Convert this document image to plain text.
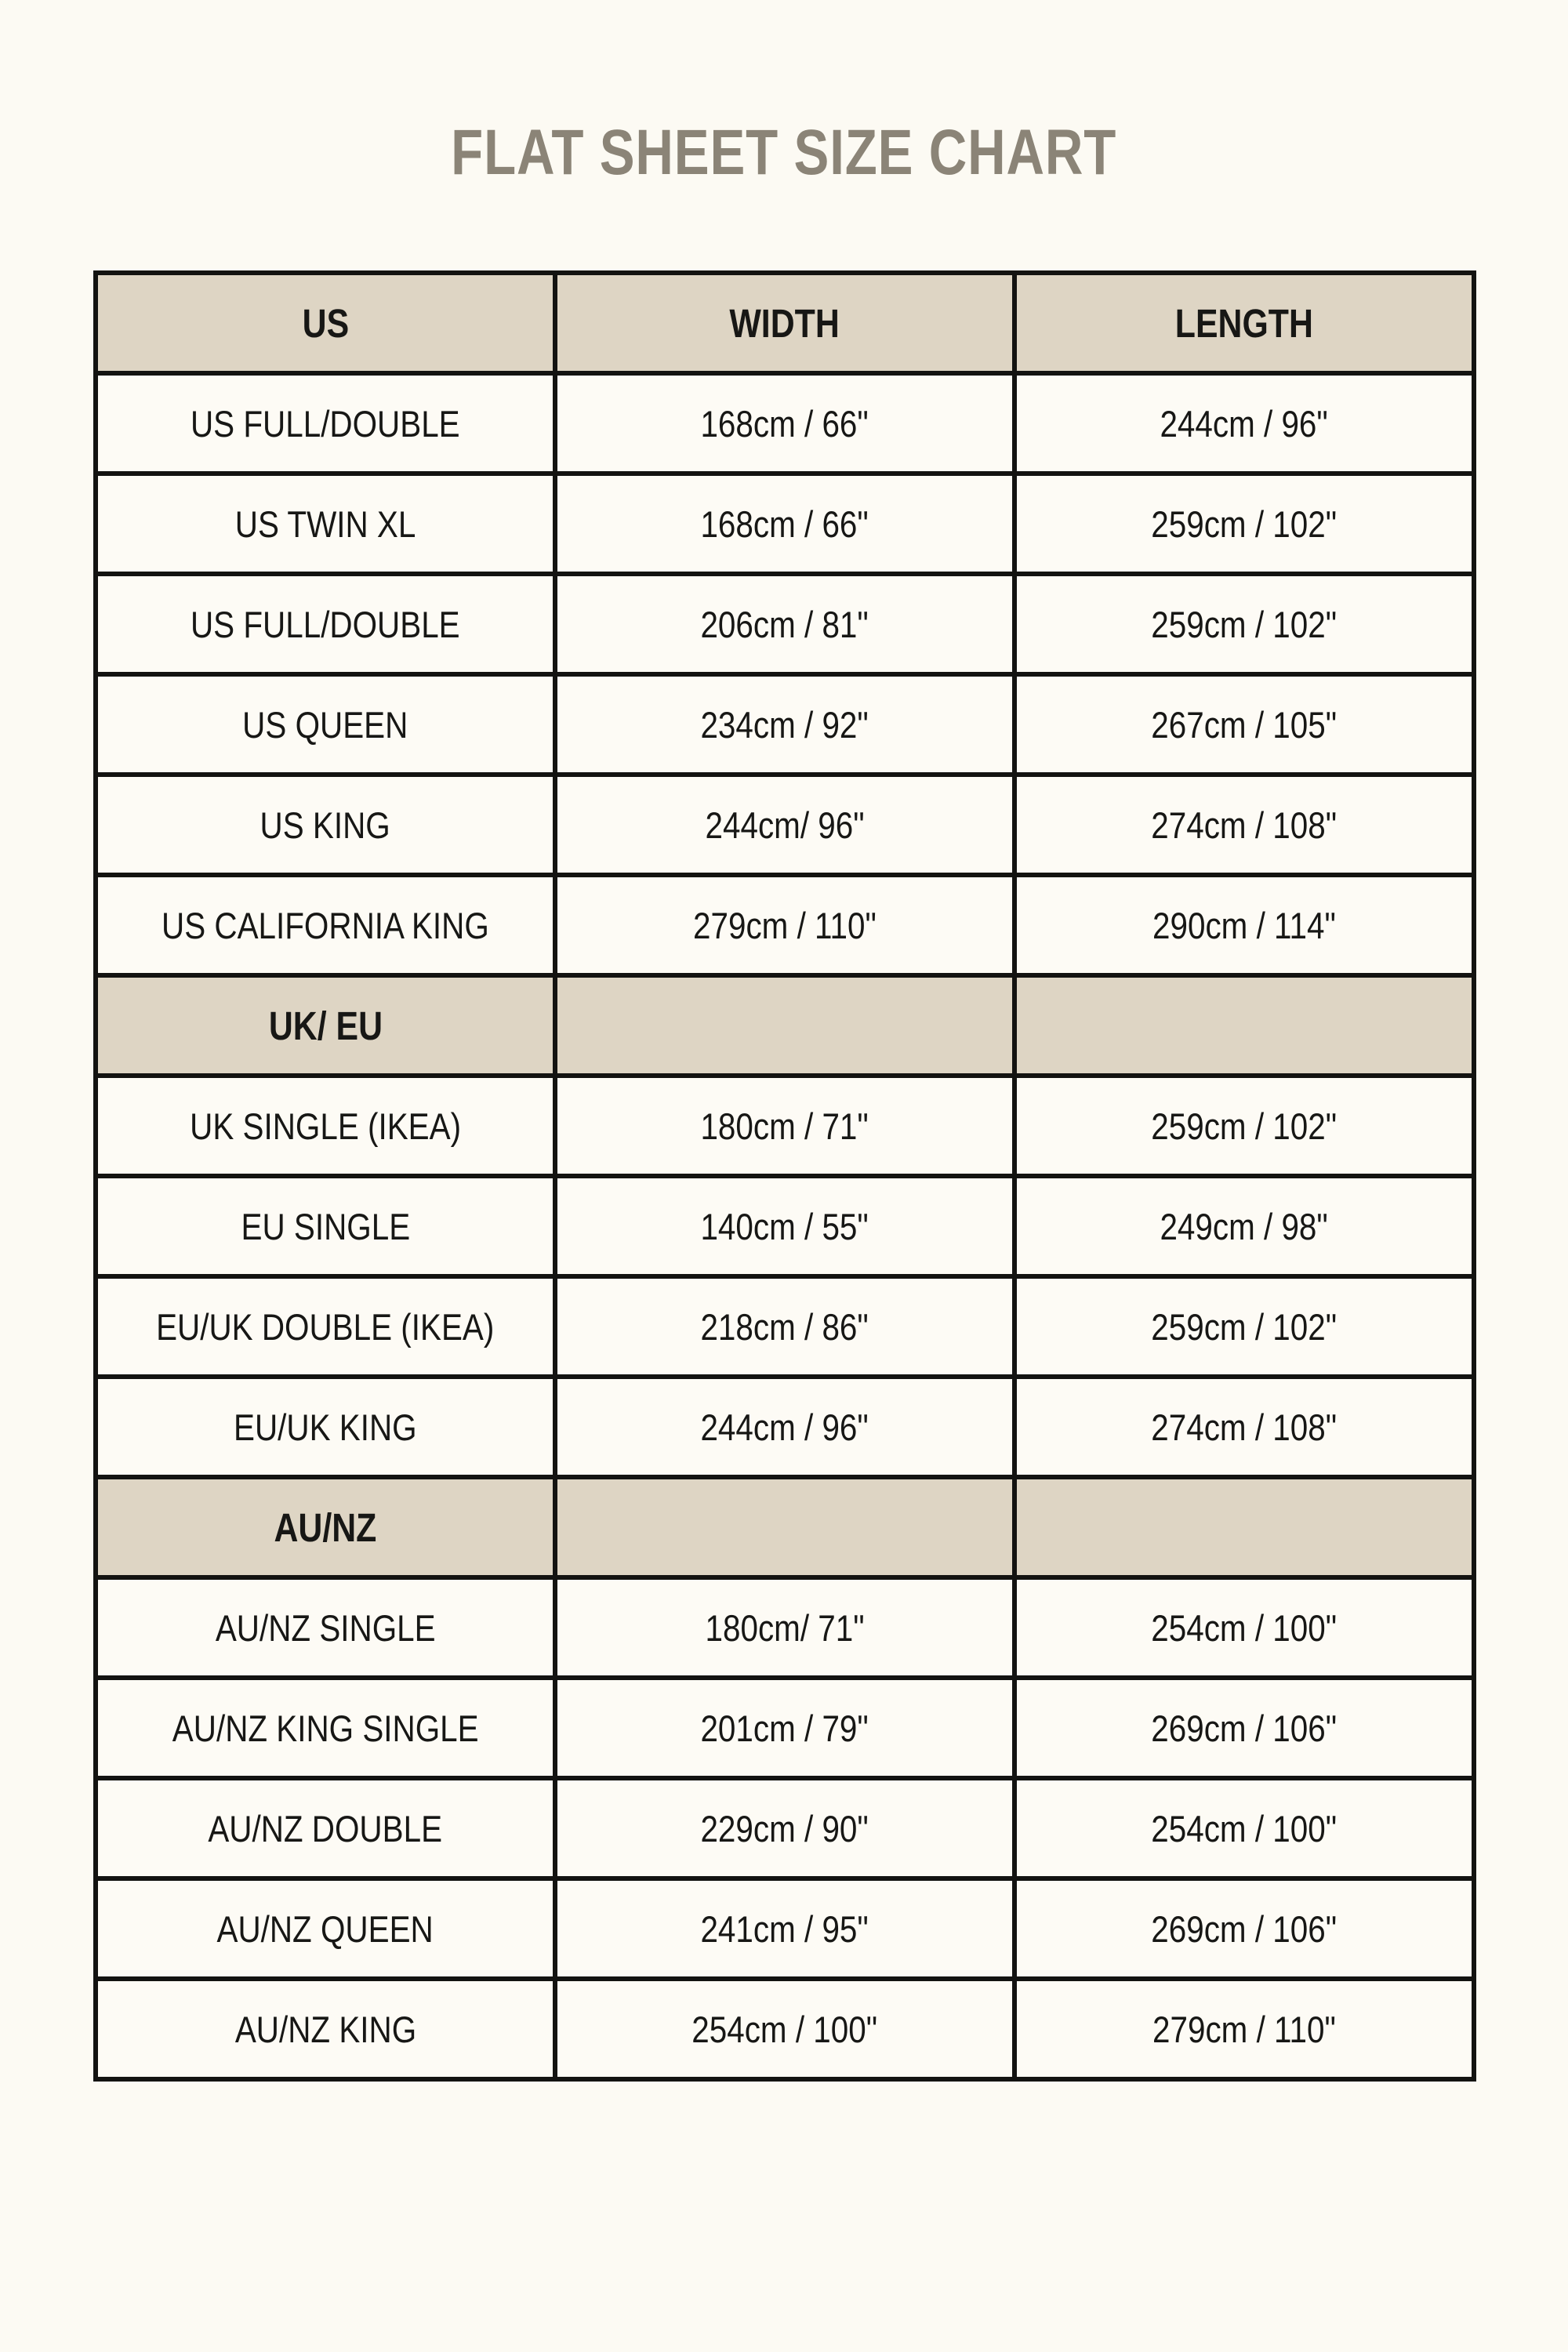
FLAT SHEET SIZE CHART
US	WIDTH	LENGTH
US FULL/DOUBLE	168cm / 66"	244cm / 96"
US TWIN XL	168cm / 66"	259cm / 102"
US FULL/DOUBLE	206cm / 81"	259cm / 102"
US QUEEN	234cm / 92"	267cm / 105"
US KING	244cm/ 96"	274cm / 108"
US CALIFORNIA KING	279cm / 110"	290cm / 114"
UK/ EU		
UK SINGLE (IKEA)	180cm / 71"	259cm / 102"
EU SINGLE	140cm / 55"	249cm / 98"
EU/UK DOUBLE (IKEA)	218cm / 86"	259cm / 102"
EU/UK KING	244cm / 96"	274cm / 108"
AU/NZ		
AU/NZ SINGLE	180cm/ 71"	254cm / 100"
AU/NZ KING SINGLE	201cm / 79"	269cm / 106"
AU/NZ DOUBLE	229cm / 90"	254cm / 100"
AU/NZ QUEEN	241cm / 95"	269cm / 106"
AU/NZ KING	254cm / 100"	279cm / 110"
